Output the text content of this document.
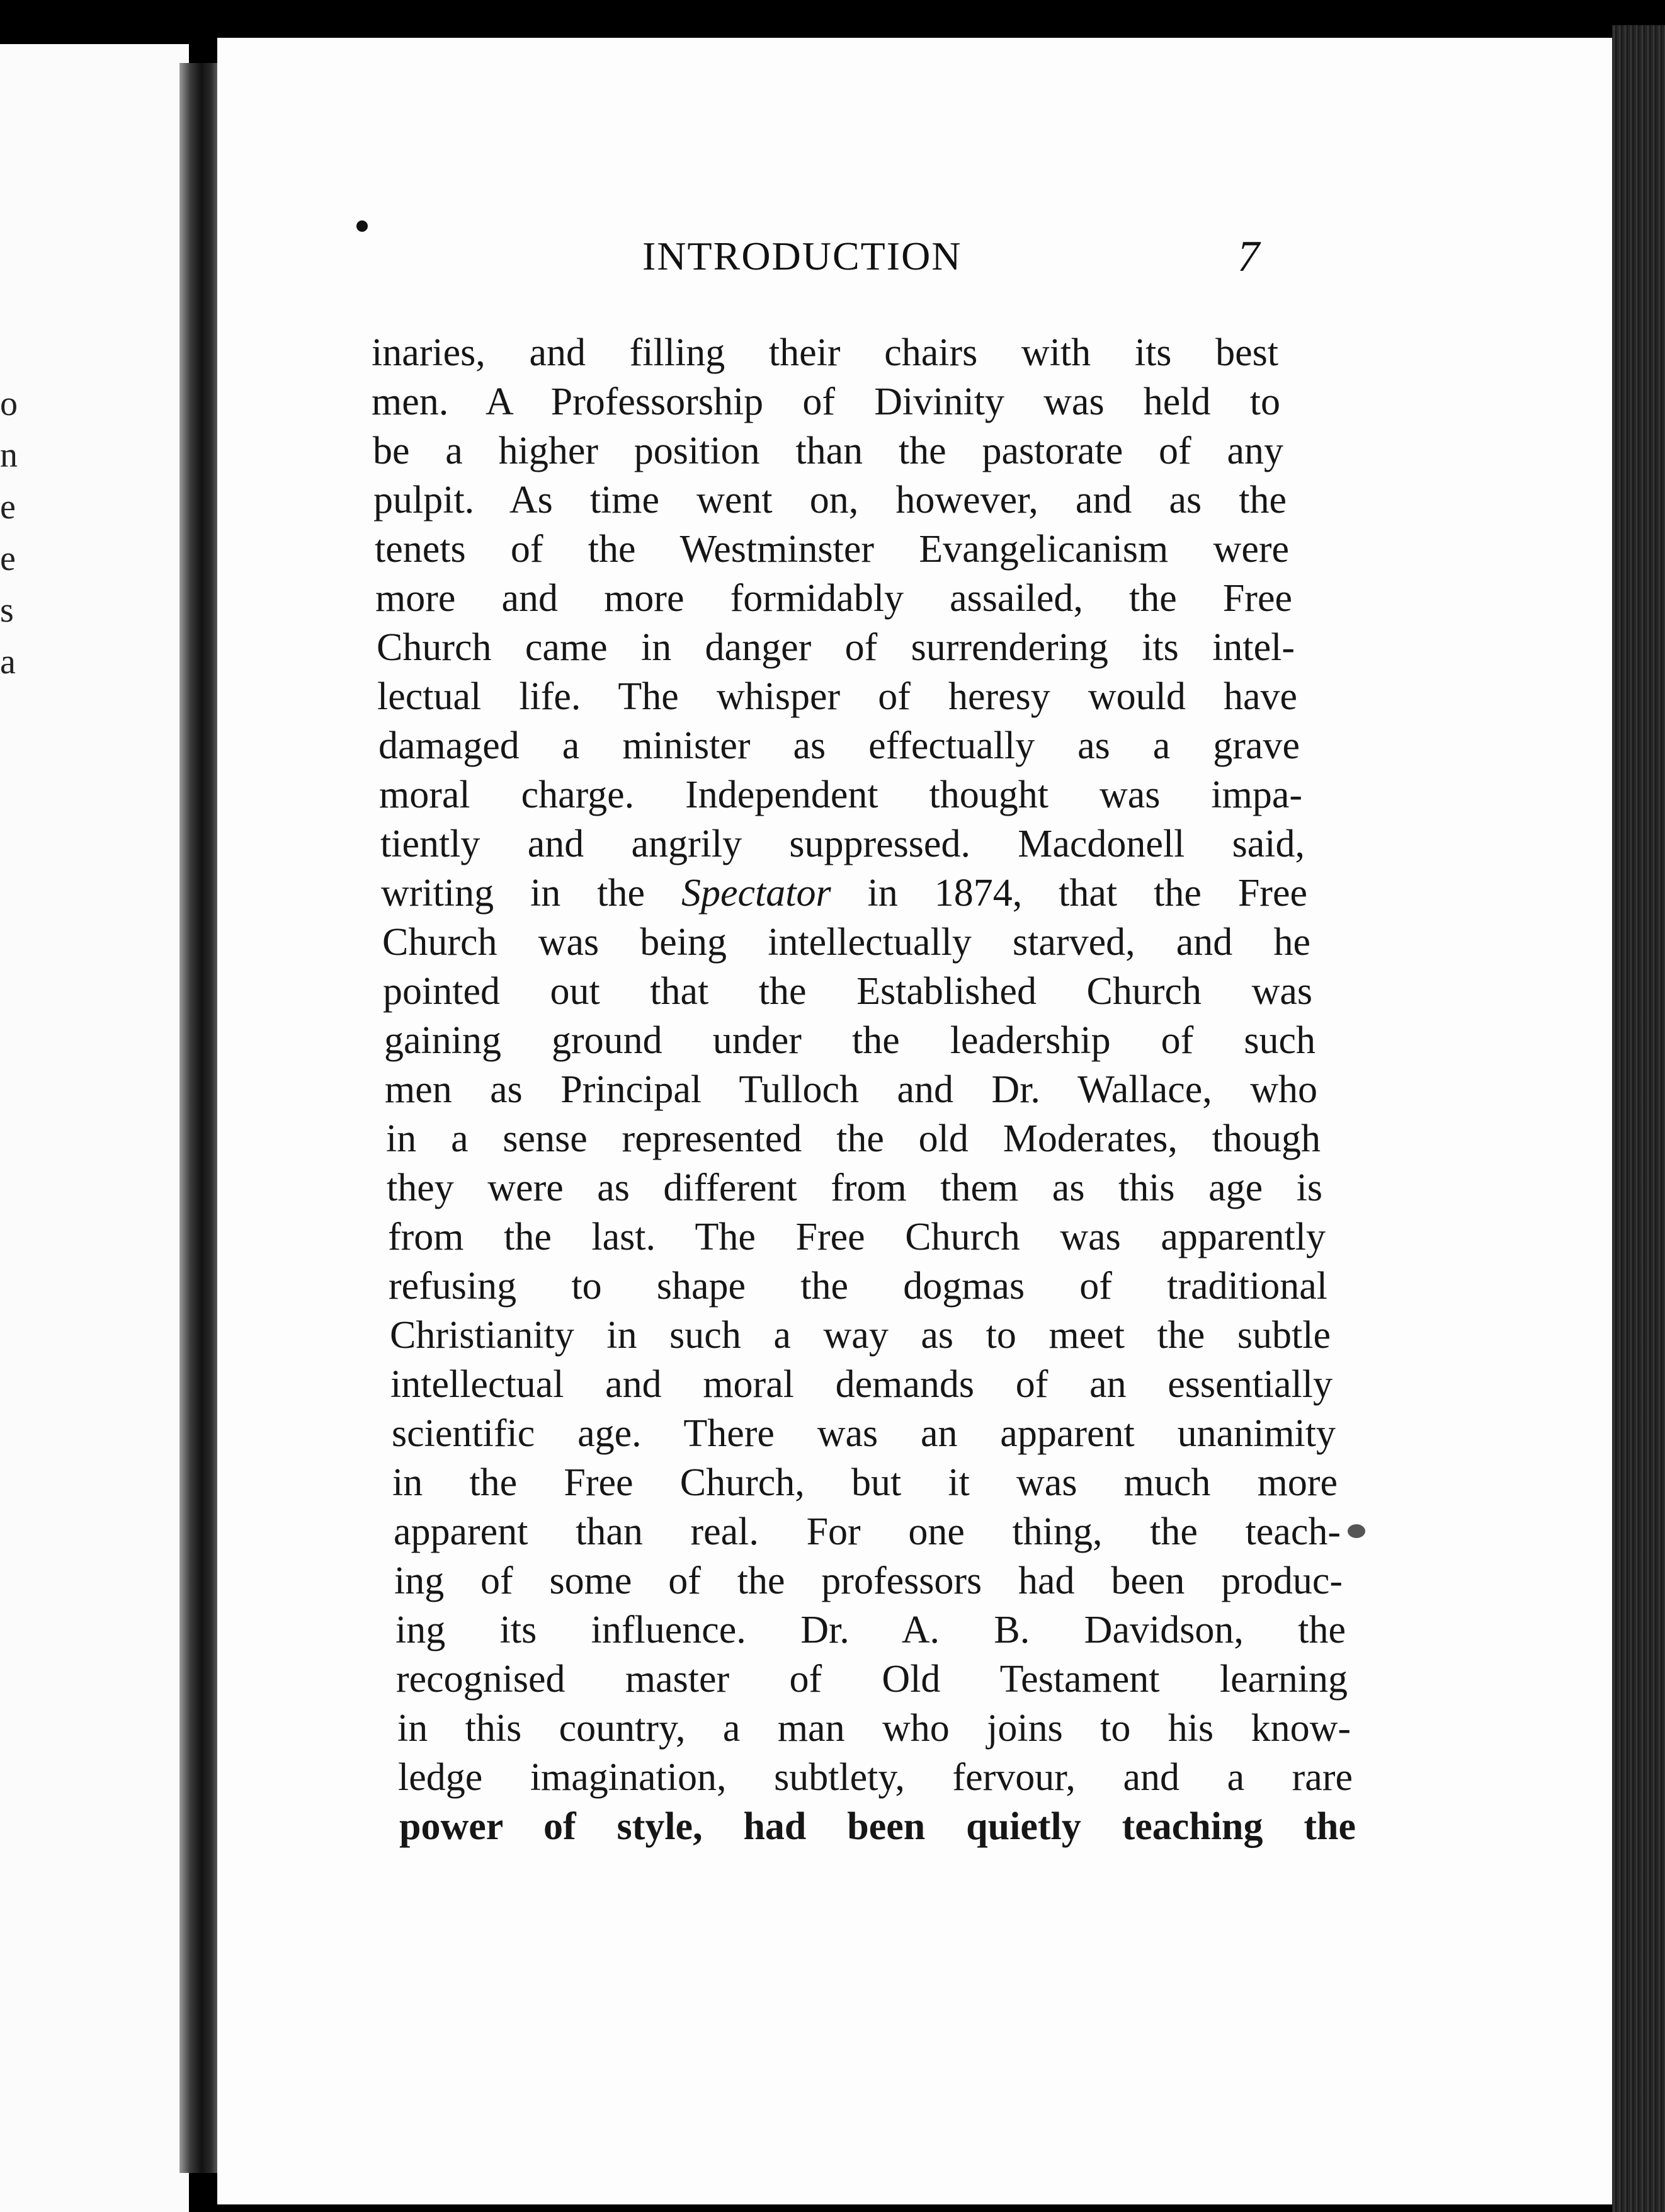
o
n
e
e
s
a
INTRODUCTION	7
inaries, and filling their chairs with its best
men. A Professorship of Divinity was held to
be a higher position than the pastorate of any
pulpit. As time went on, however, and as the
tenets of the Westminster Evangelicanism were
more and more formidably assailed, the Free
Church came in danger of surrendering its intel-
lectual life. The whisper of heresy would have
damaged a minister as effectually as a grave
moral charge. Independent thought was impa-
tiently and angrily suppressed. Macdonell said,
writing in the Spectator in 1874, that the Free
Church was being intellectually starved, and he
pointed out that the Established Church was
gaining ground under the leadership of such
men as Principal Tulloch and Dr. Wallace, who
in a sense represented the old Moderates, though
they were as different from them as this age is
from the last. The Free Church was apparently
refusing to shape the dogmas of traditional
Christianity in such a way as to meet the subtle
intellectual and moral demands of an essentially
scientific age. There was an apparent unanimity
in the Free Church, but it was much more
apparent than real. For one thing, the teach-
ing of some of the professors had been produc-
ing its influence. Dr. A. B. Davidson, the
recognised master of Old Testament learning
in this country, a man who joins to his know-
ledge imagination, subtlety, fervour, and a rare
power of style, had been quietly teaching the
